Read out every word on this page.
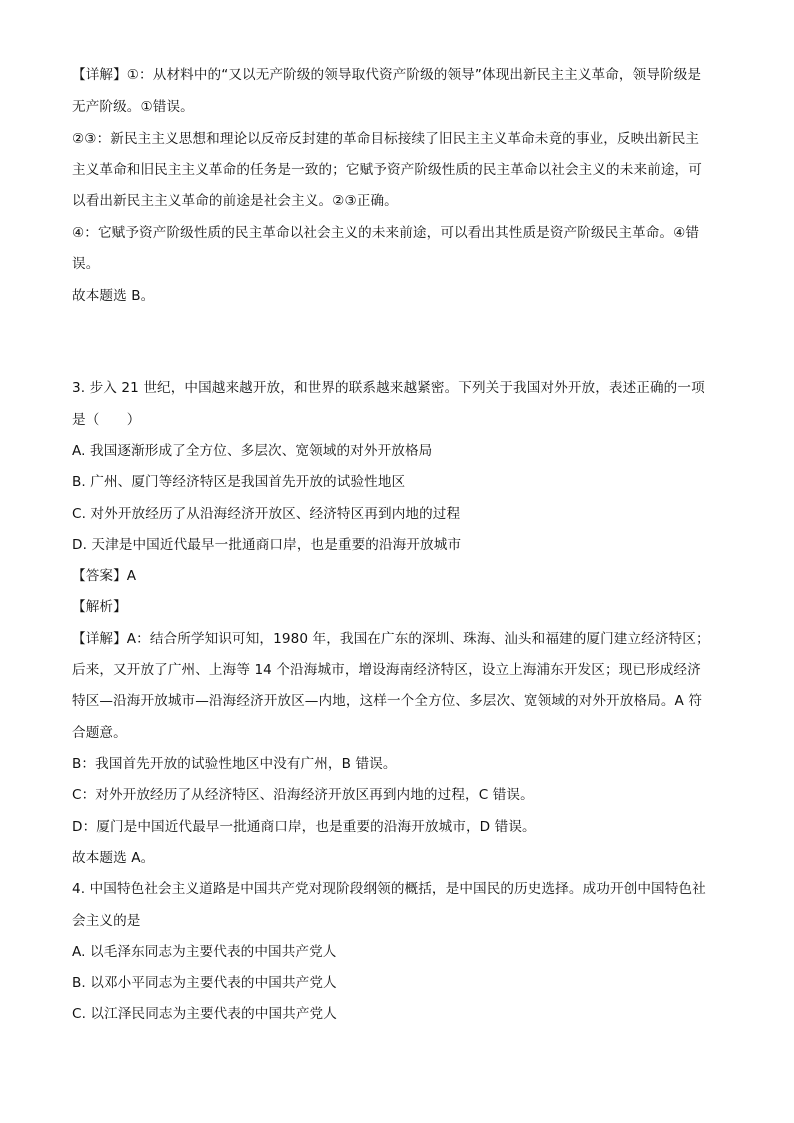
【详解】①：从材料中的“又以无产阶级的领导取代资产阶级的领导”体现出新民主主义革命，领导阶级是
无产阶级。①错误。
②③：新民主主义思想和理论以反帝反封建的革命目标接续了旧民主主义革命未竟的事业，反映出新民主
主义革命和旧民主主义革命的任务是一致的；它赋予资产阶级性质的民主革命以社会主义的未来前途，可
以看出新民主主义革命的前途是社会主义。②③正确。
④：它赋予资产阶级性质的民主革命以社会主义的未来前途，可以看出其性质是资产阶级民主革命。④错
误。
故本题选 B。
3. 步入 21 世纪，中国越来越开放，和世界的联系越来越紧密。下列关于我国对外开放，表述正确的一项
是（　　）
A. 我国逐渐形成了全方位、多层次、宽领域的对外开放格局
B. 广州、厦门等经济特区是我国首先开放的试验性地区
C. 对外开放经历了从沿海经济开放区、经济特区再到内地的过程
D. 天津是中国近代最早一批通商口岸，也是重要的沿海开放城市
【答案】A
【解析】
【详解】A：结合所学知识可知，1980 年，我国在广东的深圳、珠海、汕头和福建的厦门建立经济特区；
后来，又开放了广州、上海等 14 个沿海城市，增设海南经济特区，设立上海浦东开发区；现已形成经济
特区—沿海开放城市—沿海经济开放区—内地，这样一个全方位、多层次、宽领域的对外开放格局。A 符
合题意。
B：我国首先开放的试验性地区中没有广州，B 错误。
C：对外开放经历了从经济特区、沿海经济开放区再到内地的过程，C 错误。
D：厦门是中国近代最早一批通商口岸，也是重要的沿海开放城市，D 错误。
故本题选 A。
4. 中国特色社会主义道路是中国共产党对现阶段纲领的概括，是中国民的历史选择。成功开创中国特色社
会主义的是
A. 以毛泽东同志为主要代表的中国共产党人
B. 以邓小平同志为主要代表的中国共产党人
C. 以江泽民同志为主要代表的中国共产党人
